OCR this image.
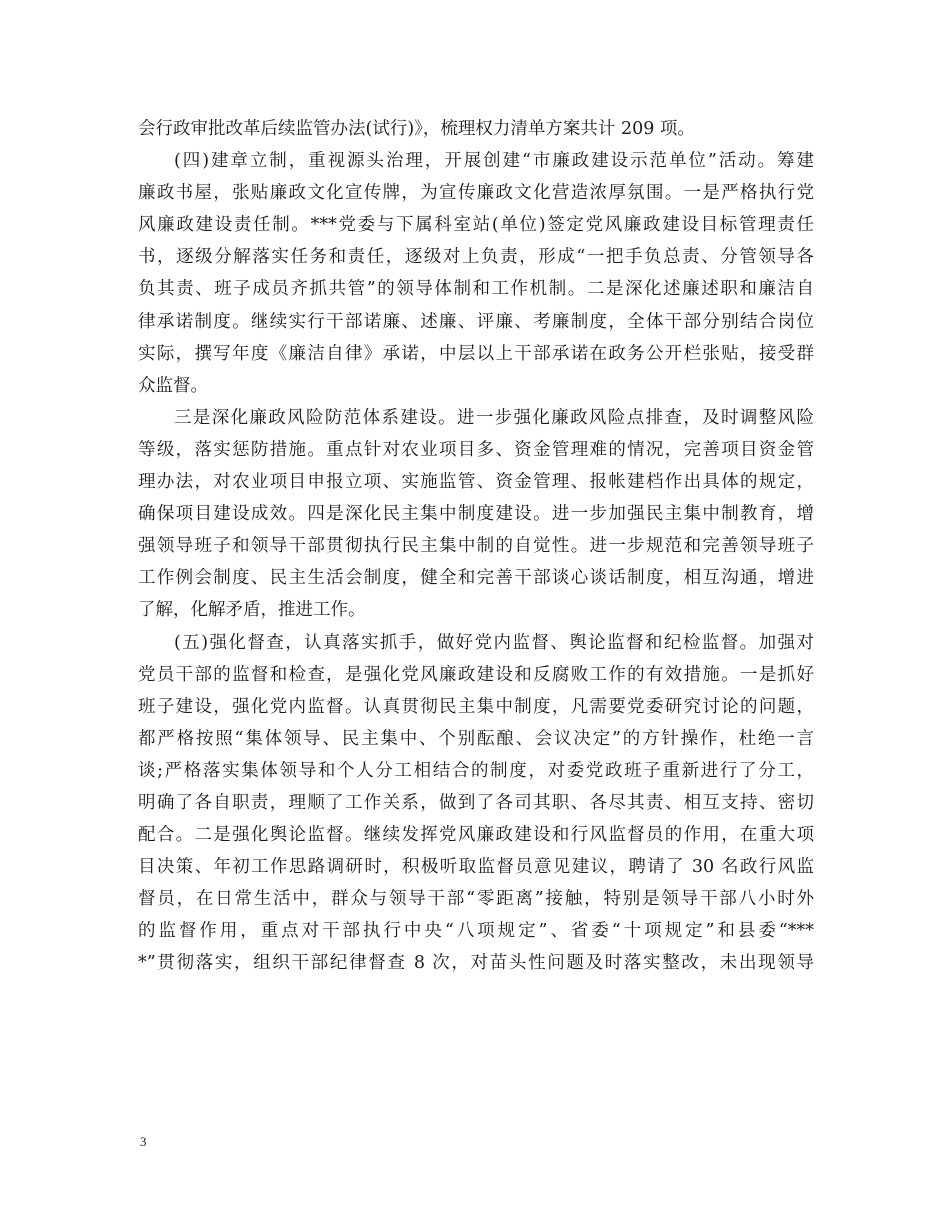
会行政审批改革后续监管办法(试行)》，梳理权力清单方案共计 209 项。
(四)建章立制，重视源头治理，开展创建“市廉政建设示范单位”活动。筹建
廉政书屋，张贴廉政文化宣传牌，为宣传廉政文化营造浓厚氛围。一是严格执行党
风廉政建设责任制。***党委与下属科室站(单位)签定党风廉政建设目标管理责任
书，逐级分解落实任务和责任，逐级对上负责，形成“一把手负总责、分管领导各
负其责、班子成员齐抓共管”的领导体制和工作机制。二是深化述廉述职和廉洁自
律承诺制度。继续实行干部诺廉、述廉、评廉、考廉制度，全体干部分别结合岗位
实际，撰写年度《廉洁自律》承诺，中层以上干部承诺在政务公开栏张贴，接受群
众监督。
三是深化廉政风险防范体系建设。进一步强化廉政风险点排查，及时调整风险
等级，落实惩防措施。重点针对农业项目多、资金管理难的情况，完善项目资金管
理办法，对农业项目申报立项、实施监管、资金管理、报帐建档作出具体的规定，
确保项目建设成效。四是深化民主集中制度建设。进一步加强民主集中制教育，增
强领导班子和领导干部贯彻执行民主集中制的自觉性。进一步规范和完善领导班子
工作例会制度、民主生活会制度，健全和完善干部谈心谈话制度，相互沟通，增进
了解，化解矛盾，推进工作。
(五)强化督查，认真落实抓手，做好党内监督、舆论监督和纪检监督。加强对
党员干部的监督和检查，是强化党风廉政建设和反腐败工作的有效措施。一是抓好
班子建设，强化党内监督。认真贯彻民主集中制度，凡需要党委研究讨论的问题，
都严格按照“集体领导、民主集中、个别酝酿、会议决定”的方针操作，杜绝一言
谈;严格落实集体领导和个人分工相结合的制度，对委党政班子重新进行了分工，
明确了各自职责，理顺了工作关系，做到了各司其职、各尽其责、相互支持、密切
配合。二是强化舆论监督。继续发挥党风廉政建设和行风监督员的作用，在重大项
目决策、年初工作思路调研时，积极听取监督员意见建议，聘请了 30 名政行风监
督员，在日常生活中，群众与领导干部“零距离”接触，特别是领导干部八小时外
的监督作用，重点对干部执行中央“八项规定”、省委“十项规定”和县委“***
*”贯彻落实，组织干部纪律督查 8 次，对苗头性问题及时落实整改，未出现领导
3
